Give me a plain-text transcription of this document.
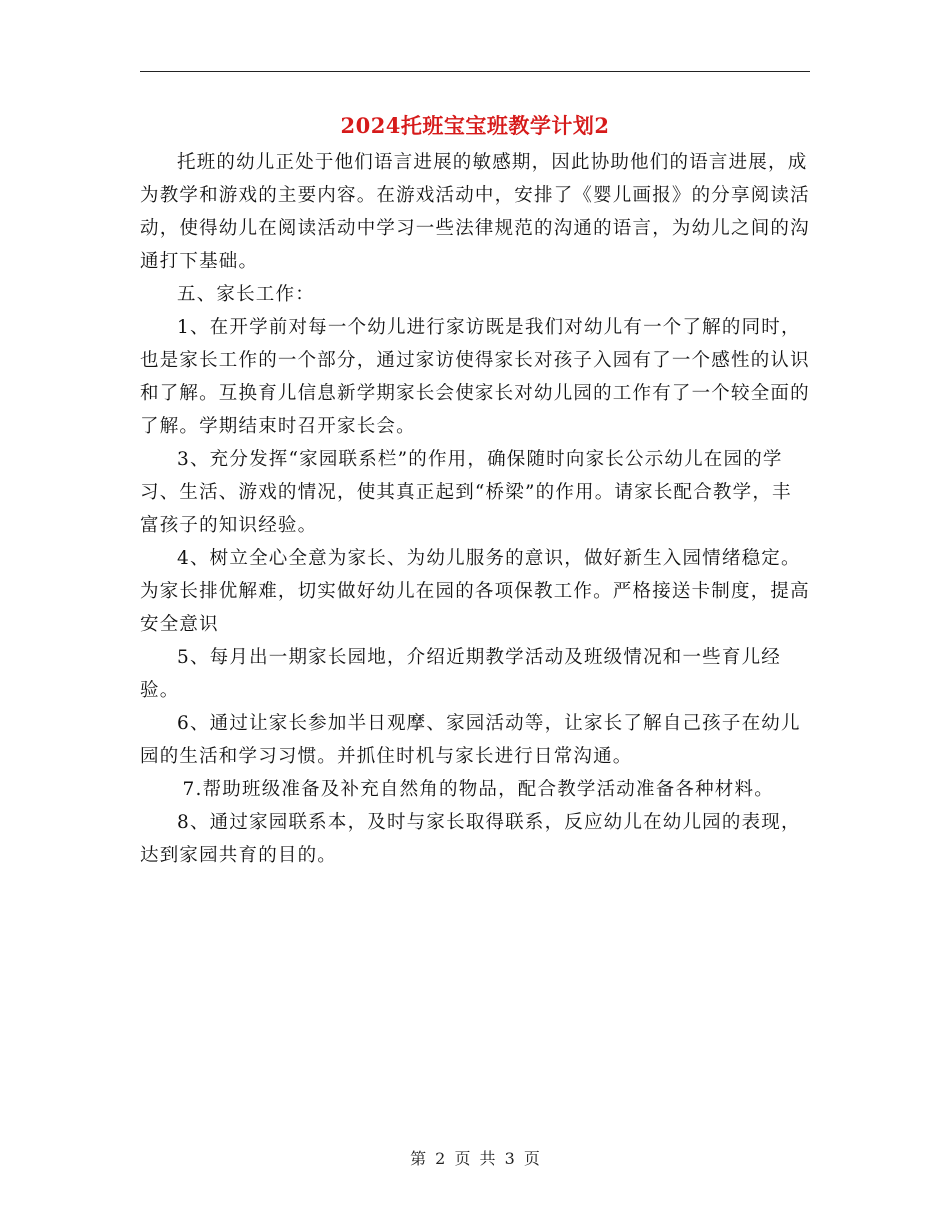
2024托班宝宝班教学计划2

托班的幼儿正处于他们语言进展的敏感期，因此协助他们的语言进展，成为教学和游戏的主要内容。在游戏活动中，安排了《婴儿画报》的分享阅读活动，使得幼儿在阅读活动中学习一些法律规范的沟通的语言，为幼儿之间的沟通打下基础。

五、家长工作：

1、在开学前对每一个幼儿进行家访既是我们对幼儿有一个了解的同时，也是家长工作的一个部分，通过家访使得家长对孩子入园有了一个感性的认识和了解。互换育儿信息新学期家长会使家长对幼儿园的工作有了一个较全面的了解。学期结束时召开家长会。

3、充分发挥“家园联系栏”的作用，确保随时向家长公示幼儿在园的学习、生活、游戏的情况，使其真正起到“桥梁”的作用。请家长配合教学，丰富孩子的知识经验。

4、树立全心全意为家长、为幼儿服务的意识，做好新生入园情绪稳定。为家长排优解难，切实做好幼儿在园的各项保教工作。严格接送卡制度，提高安全意识

5、每月出一期家长园地，介绍近期教学活动及班级情况和一些育儿经验。

6、通过让家长参加半日观摩、家园活动等，让家长了解自己孩子在幼儿园的生活和学习习惯。并抓住时机与家长进行日常沟通。

7.帮助班级准备及补充自然角的物品，配合教学活动准备各种材料。

8、通过家园联系本，及时与家长取得联系，反应幼儿在幼儿园的表现，达到家园共育的目的。

第 2 页 共 3 页
